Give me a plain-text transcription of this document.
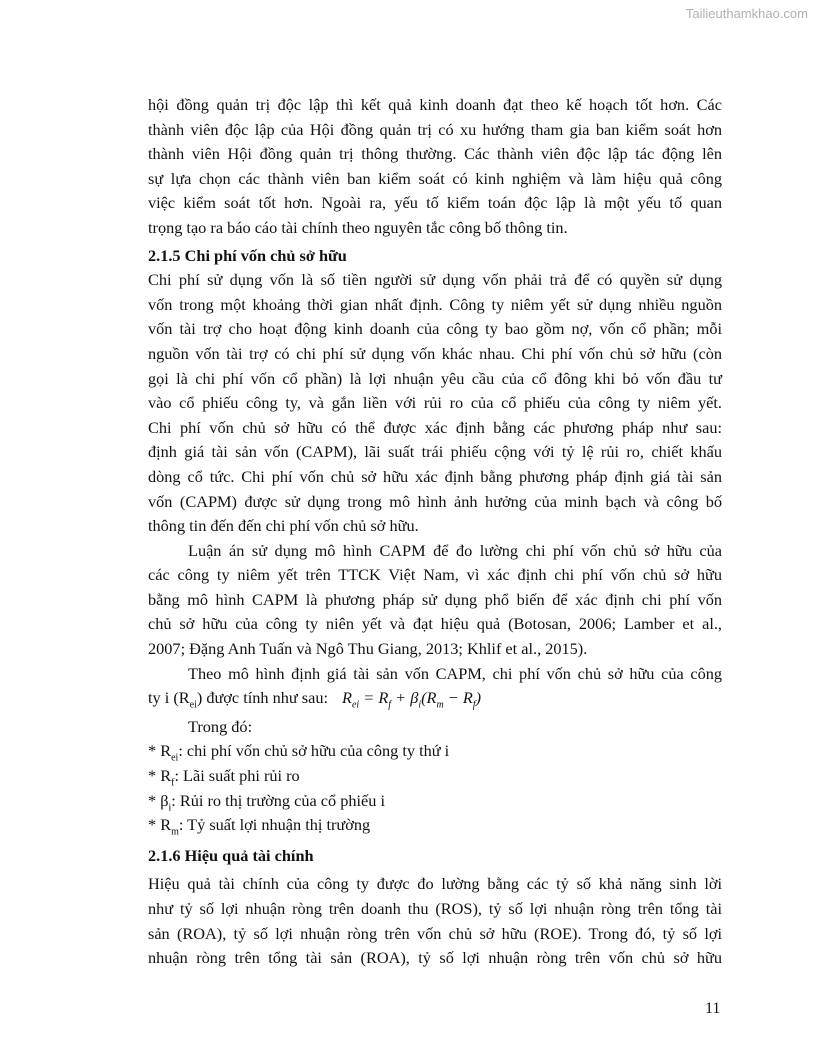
Tailieuthamkhao.com
hội đồng quản trị độc lập thì kết quả kinh doanh đạt theo kế hoạch tốt hơn. Các
thành viên độc lập của Hội đồng quản trị có xu hướng tham gia ban kiểm soát hơn
thành viên Hội đồng quản trị thông thường. Các thành viên độc lập tác động lên
sự lựa chọn các thành viên ban kiểm soát có kinh nghiệm và làm hiệu quả công
việc kiểm soát tốt hơn. Ngoài ra, yếu tố kiểm toán độc lập là một yếu tố quan
trọng tạo ra báo cáo tài chính theo nguyên tắc công bố thông tin.
2.1.5 Chi phí vốn chủ sở hữu
Chi phí sử dụng vốn là số tiền người sử dụng vốn phải trả để có quyền sử dụng
vốn trong một khoảng thời gian nhất định. Công ty niêm yết sử dụng nhiều nguồn
vốn tài trợ cho hoạt động kinh doanh của công ty bao gồm nợ, vốn cổ phần; mỗi
nguồn vốn tài trợ có chi phí sử dụng vốn khác nhau. Chi phí vốn chủ sở hữu (còn
gọi là chi phí vốn cổ phần) là lợi nhuận yêu cầu của cổ đông khi bỏ vốn đầu tư
vào cổ phiếu công ty, và gắn liền với rủi ro của cổ phiếu của công ty niêm yết.
Chi phí vốn chủ sở hữu có thể được xác định bằng các phương pháp như sau:
định giá tài sản vốn (CAPM), lãi suất trái phiếu cộng với tỷ lệ rủi ro, chiết khấu
dòng cổ tức. Chi phí vốn chủ sở hữu xác định bằng phương pháp định giá tài sản
vốn (CAPM) được sử dụng trong mô hình ảnh hưởng của minh bạch và công bố
thông tin đến đến chi phí vốn chủ sở hữu.
Luận án sử dụng mô hình CAPM để đo lường chi phí vốn chủ sở hữu của
các công ty niêm yết trên TTCK Việt Nam, vì xác định chi phí vốn chủ sở hữu
bằng mô hình CAPM là phương pháp sử dụng phổ biến để xác định chi phí vốn
chủ sở hữu của công ty niên yết và đạt hiệu quả (Botosan, 2006; Lamber et al.,
2007; Đặng Anh Tuấn và Ngô Thu Giang, 2013; Khlif et al., 2015).
Theo mô hình định giá tài sản vốn CAPM, chi phí vốn chủ sở hữu của công
ty i $(R_{ei})$ được tính như sau: $R_{ei} = R_f + \beta_i(R_m - R_f)$
Trong đó:
* $R_{ei}$: chi phí vốn chủ sở hữu của công ty thứ i
* $R_f$: Lãi suất phi rủi ro
* $\beta_i$: Rủi ro thị trường của cổ phiếu i
* $R_m$: Tỷ suất lợi nhuận thị trường
2.1.6 Hiệu quả tài chính
Hiệu quả tài chính của công ty được đo lường bằng các tỷ số khả năng sinh lời
như tỷ số lợi nhuận ròng trên doanh thu (ROS), tỷ số lợi nhuận ròng trên tổng tài
sản (ROA), tỷ số lợi nhuận ròng trên vốn chủ sở hữu (ROE). Trong đó, tỷ số lợi
nhuận ròng trên tổng tài sản (ROA), tỷ số lợi nhuận ròng trên vốn chủ sở hữu
11
